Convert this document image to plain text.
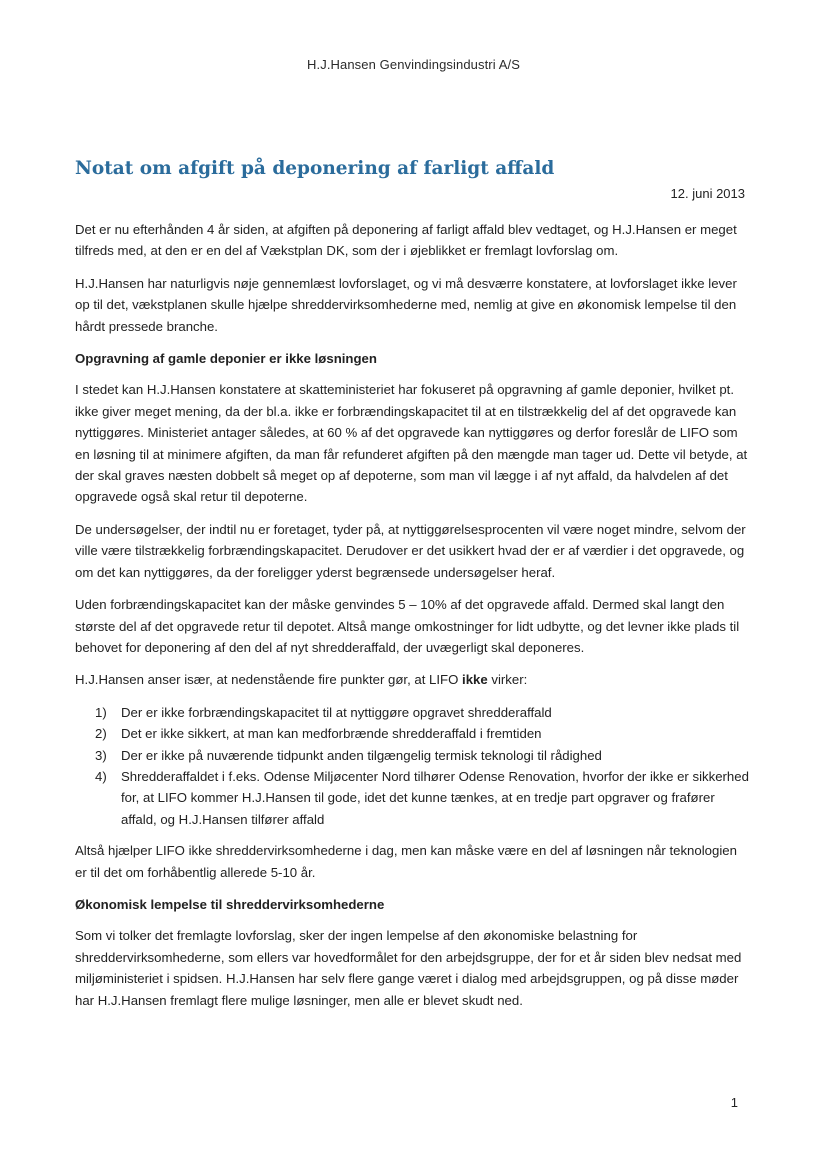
H.J.Hansen Genvindingsindustri A/S
Notat om afgift på deponering af farligt affald
12. juni 2013

Det er nu efterhånden 4 år siden, at afgiften på deponering af farligt affald blev vedtaget, og H.J.Hansen er meget tilfreds med, at den er en del af Vækstplan DK, som der i øjeblikket er fremlagt lovforslag om.

H.J.Hansen har naturligvis nøje gennemlæst lovforslaget, og vi må desværre konstatere, at lovforslaget ikke lever op til det, vækstplanen skulle hjælpe shreddervirksomhederne med, nemlig at give en økonomisk lempelse til den hårdt pressede branche.

Opgravning af gamle deponier er ikke løsningen

I stedet kan H.J.Hansen konstatere at skatteministeriet har fokuseret på opgravning af gamle deponier, hvilket pt. ikke giver meget mening, da der bl.a. ikke er forbrændingskapacitet til at en tilstrækkelig del af det opgravede kan nyttiggøres. Ministeriet antager således, at 60 % af det opgravede kan nyttiggøres og derfor foreslår de LIFO som en løsning til at minimere afgiften, da man får refunderet afgiften på den mængde man tager ud. Dette vil betyde, at der skal graves næsten dobbelt så meget op af depoterne, som man vil lægge i af nyt affald, da halvdelen af det opgravede også skal retur til depoterne.

De undersøgelser, der indtil nu er foretaget, tyder på, at nyttiggørelsesprocenten vil være noget mindre, selvom der ville være tilstrækkelig forbrændingskapacitet. Derudover er det usikkert hvad der er af værdier i det opgravede, og om det kan nyttiggøres, da der foreligger yderst begrænsede undersøgelser heraf.

Uden forbrændingskapacitet kan der måske genvindes 5 – 10% af det opgravede affald. Dermed skal langt den største del af det opgravede retur til depotet. Altså mange omkostninger for lidt udbytte, og det levner ikke plads til behovet for deponering af den del af nyt shredderaffald, der uvægerligt skal deponeres.

H.J.Hansen anser især, at nedenstående fire punkter gør, at LIFO ikke virker:

1) Der er ikke forbrændingskapacitet til at nyttiggøre opgravet shredderaffald
2) Det er ikke sikkert, at man kan medforbrænde shredderaffald i fremtiden
3) Der er ikke på nuværende tidpunkt anden tilgængelig termisk teknologi til rådighed
4) Shredderaffaldet i f.eks. Odense Miljøcenter Nord tilhører Odense Renovation, hvorfor der ikke er sikkerhed for, at LIFO kommer H.J.Hansen til gode, idet det kunne tænkes, at en tredje part opgraver og frafører affald, og H.J.Hansen tilfører affald

Altså hjælper LIFO ikke shreddervirksomhederne i dag, men kan måske være en del af løsningen når teknologien er til det om forhåbentlig allerede 5-10 år.

Økonomisk lempelse til shreddervirksomhederne

Som vi tolker det fremlagte lovforslag, sker der ingen lempelse af den økonomiske belastning for shreddervirksomhederne, som ellers var hovedformålet for den arbejdsgruppe, der for et år siden blev nedsat med miljøministeriet i spidsen. H.J.Hansen har selv flere gange været i dialog med arbejdsgruppen, og på disse møder har H.J.Hansen fremlagt flere mulige løsninger, men alle er blevet skudt ned.

1
